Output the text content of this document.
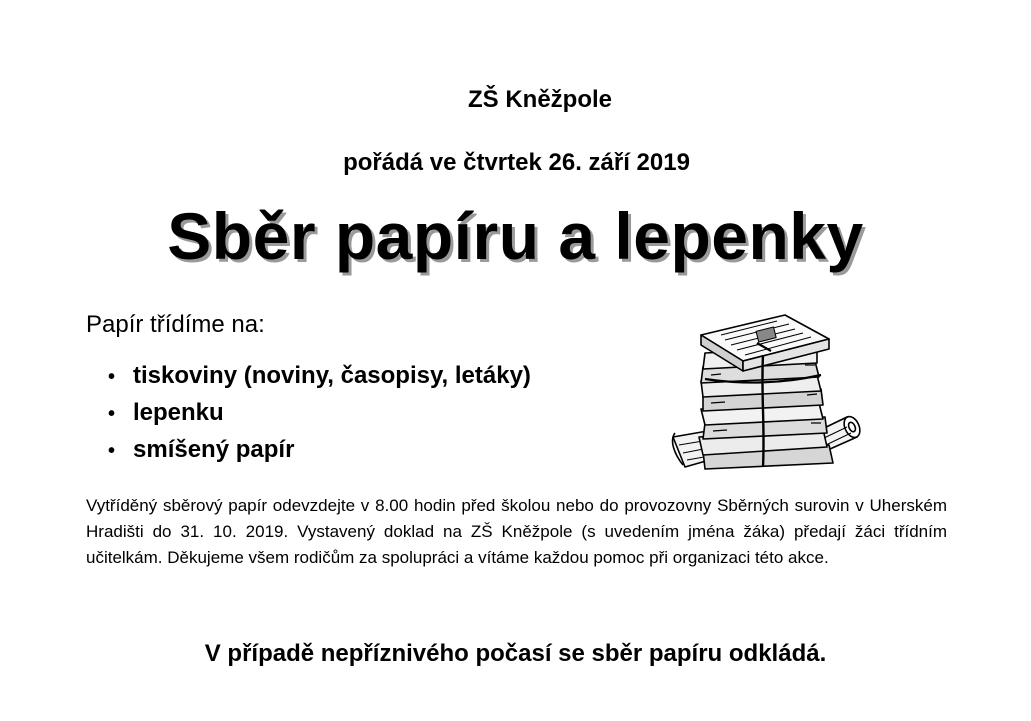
ZŠ Kněžpole
pořádá ve čtvrtek 26. září 2019
Sběr papíru a lepenky
Papír třídíme na:
• tiskoviny (noviny, časopisy, letáky)
• lepenku
• smíšený papír
Vytříděný sběrový papír odevzdejte v 8.00 hodin před školou nebo do provozovny Sběrných surovin v Uherském Hradišti do 31. 10. 2019. Vystavený doklad na ZŠ Kněžpole (s uvedením jména žáka) předají žáci třídním učitelkám. Děkujeme všem rodičům za spolupráci a vítáme každou pomoc při organizaci této akce.
V případě nepříznivého počasí se sběr papíru odkládá.
